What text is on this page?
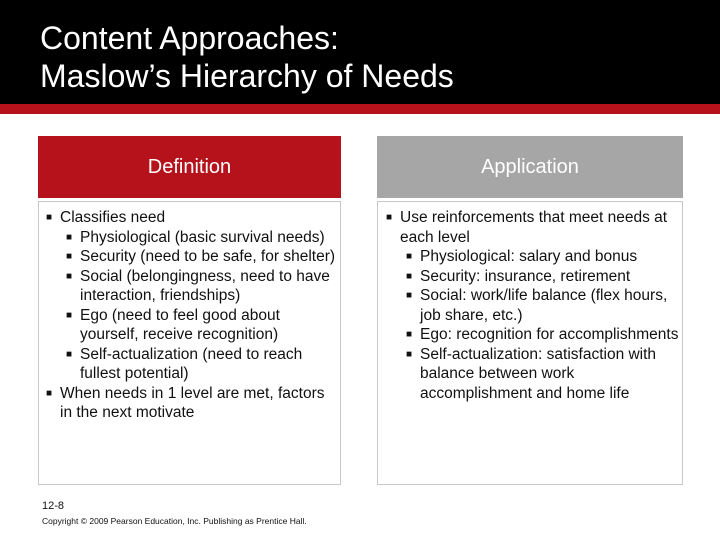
Content Approaches:
Maslow’s Hierarchy of Needs
Definition	Application
■ Classifies need
■ Physiological (basic survival needs)
■ Security (need to be safe, for shelter)
■ Social (belongingness, need to have interaction, friendships)
■ Ego (need to feel good about yourself, receive recognition)
■ Self-actualization (need to reach fullest potential)
■ When needs in 1 level are met, factors in the next motivate
■ Use reinforcements that meet needs at each level
■ Physiological: salary and bonus
■ Security: insurance, retirement
■ Social: work/life balance (flex hours, job share, etc.)
■ Ego: recognition for accomplishments
■ Self-actualization: satisfaction with balance between work accomplishment and home life
12-8
Copyright © 2009 Pearson Education, Inc. Publishing as Prentice Hall.
